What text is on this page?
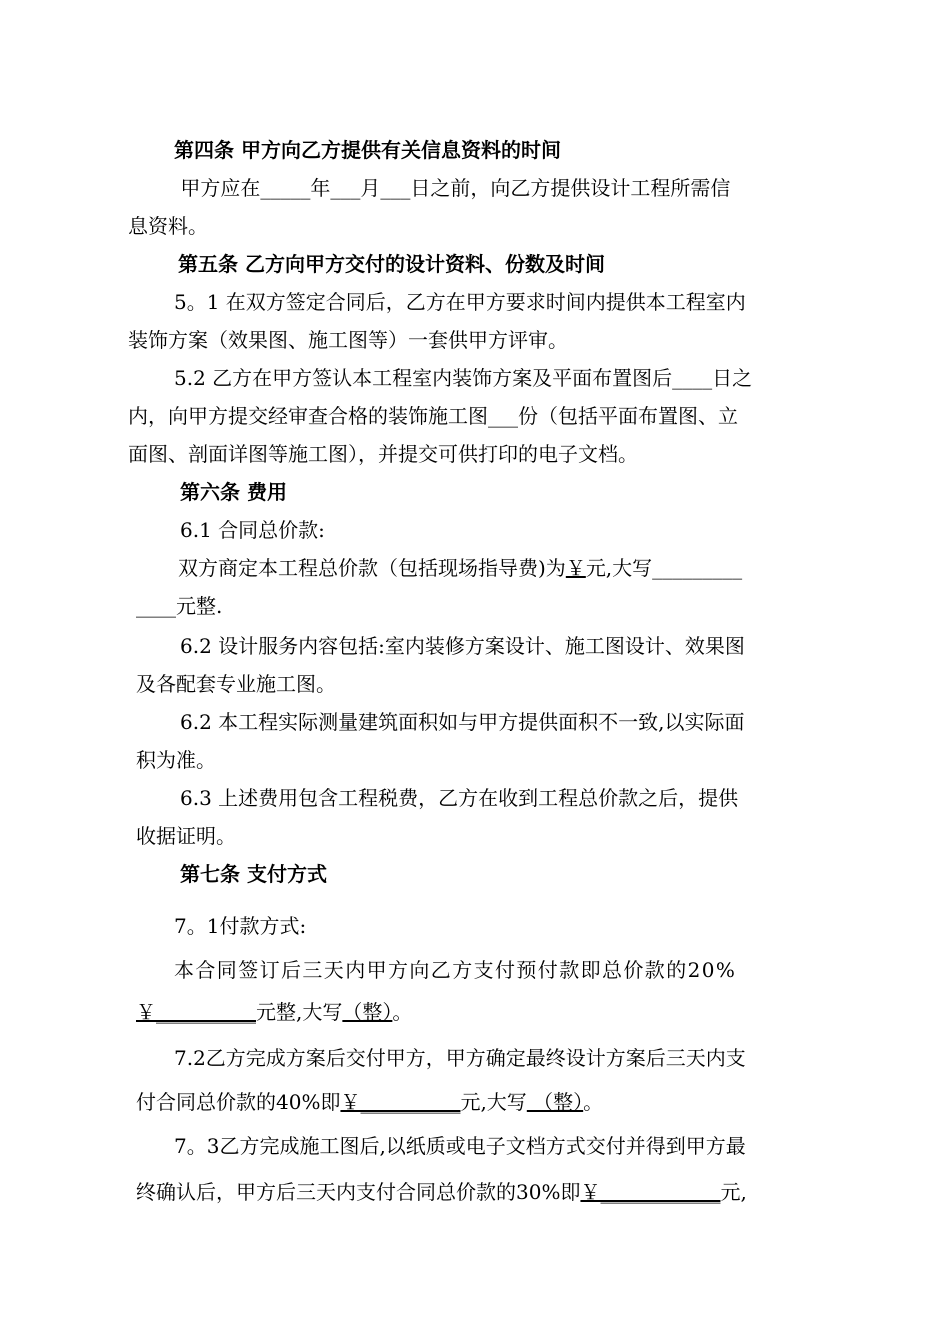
第四条 甲方向乙方提供有关信息资料的时间

甲方应在_____年___月___日之前，向乙方提供设计工程所需信

息资料。

第五条 乙方向甲方交付的设计资料、份数及时间

5。1 在双方签定合同后，乙方在甲方要求时间内提供本工程室内

装饰方案（效果图、施工图等）一套供甲方评审。

5.2 乙方在甲方签认本工程室内装饰方案及平面布置图后____日之

内，向甲方提交经审查合格的装饰施工图___份（包括平面布置图、立

面图、剖面详图等施工图），并提交可供打印的电子文档。

第六条 费用

6.1 合同总价款:

双方商定本工程总价款（包括现场指导费)为￥元,大写_________

____元整.

6.2 设计服务内容包括:室内装修方案设计、施工图设计、效果图

及各配套专业施工图。

6.2 本工程实际测量建筑面积如与甲方提供面积不一致,以实际面

积为准。

6.3 上述费用包含工程税费，乙方在收到工程总价款之后，提供

收据证明。

第七条 支付方式

7。1付款方式:

本合同签订后三天内甲方向乙方支付预付款即总价款的20%

￥__________元整,大写（整）。

7.2乙方完成方案后交付甲方，甲方确定最终设计方案后三天内支

付合同总价款的40%即￥__________元,大写 （整）。

7。3乙方完成施工图后,以纸质或电子文档方式交付并得到甲方最

终确认后，甲方后三天内支付合同总价款的30%即￥____________元,
